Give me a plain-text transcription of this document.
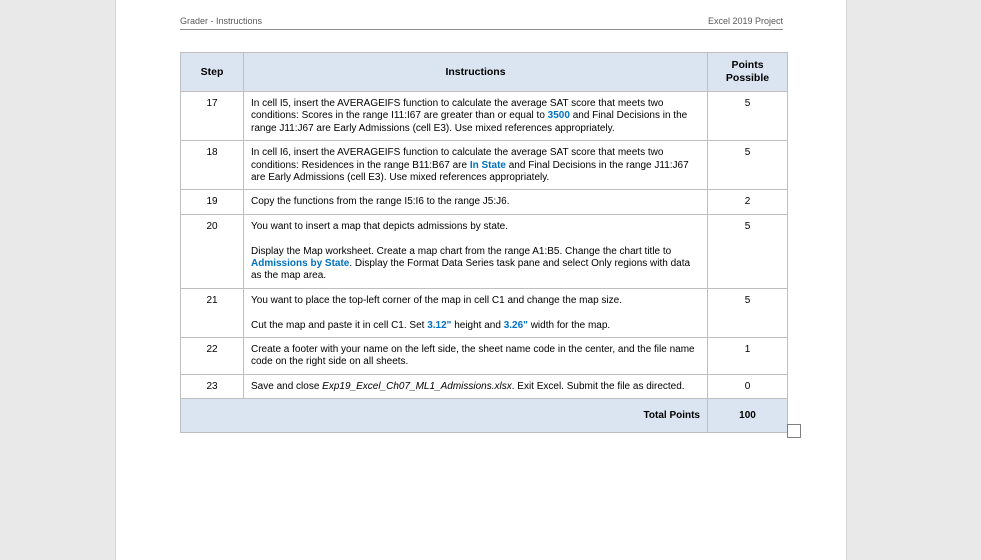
Grader - Instructions	Excel 2019 Project
Step	Instructions	Points
Possible
17	In cell I5, insert the AVERAGEIFS function to calculate the average SAT score that meets two conditions: Scores in the range I11:I67 are greater than or equal to 3500 and Final Decisions in the range J11:J67 are Early Admissions (cell E3). Use mixed references appropriately.	5
18	In cell I6, insert the AVERAGEIFS function to calculate the average SAT score that meets two conditions: Residences in the range B11:B67 are In State and Final Decisions in the range J11:J67 are Early Admissions (cell E3). Use mixed references appropriately.	5
19	Copy the functions from the range I5:I6 to the range J5:J6.	2
20	You want to insert a map that depicts admissions by state.

Display the Map worksheet. Create a map chart from the range A1:B5. Change the chart title to Admissions by State. Display the Format Data Series task pane and select Only regions with data as the map area.	5
21	You want to place the top-left corner of the map in cell C1 and change the map size.

Cut the map and paste it in cell C1. Set 3.12" height and 3.26" width for the map.	5
22	Create a footer with your name on the left side, the sheet name code in the center, and the file name code on the right side on all sheets.	1
23	Save and close Exp19_Excel_Ch07_ML1_Admissions.xlsx. Exit Excel. Submit the file as directed.	0
	Total Points	100
